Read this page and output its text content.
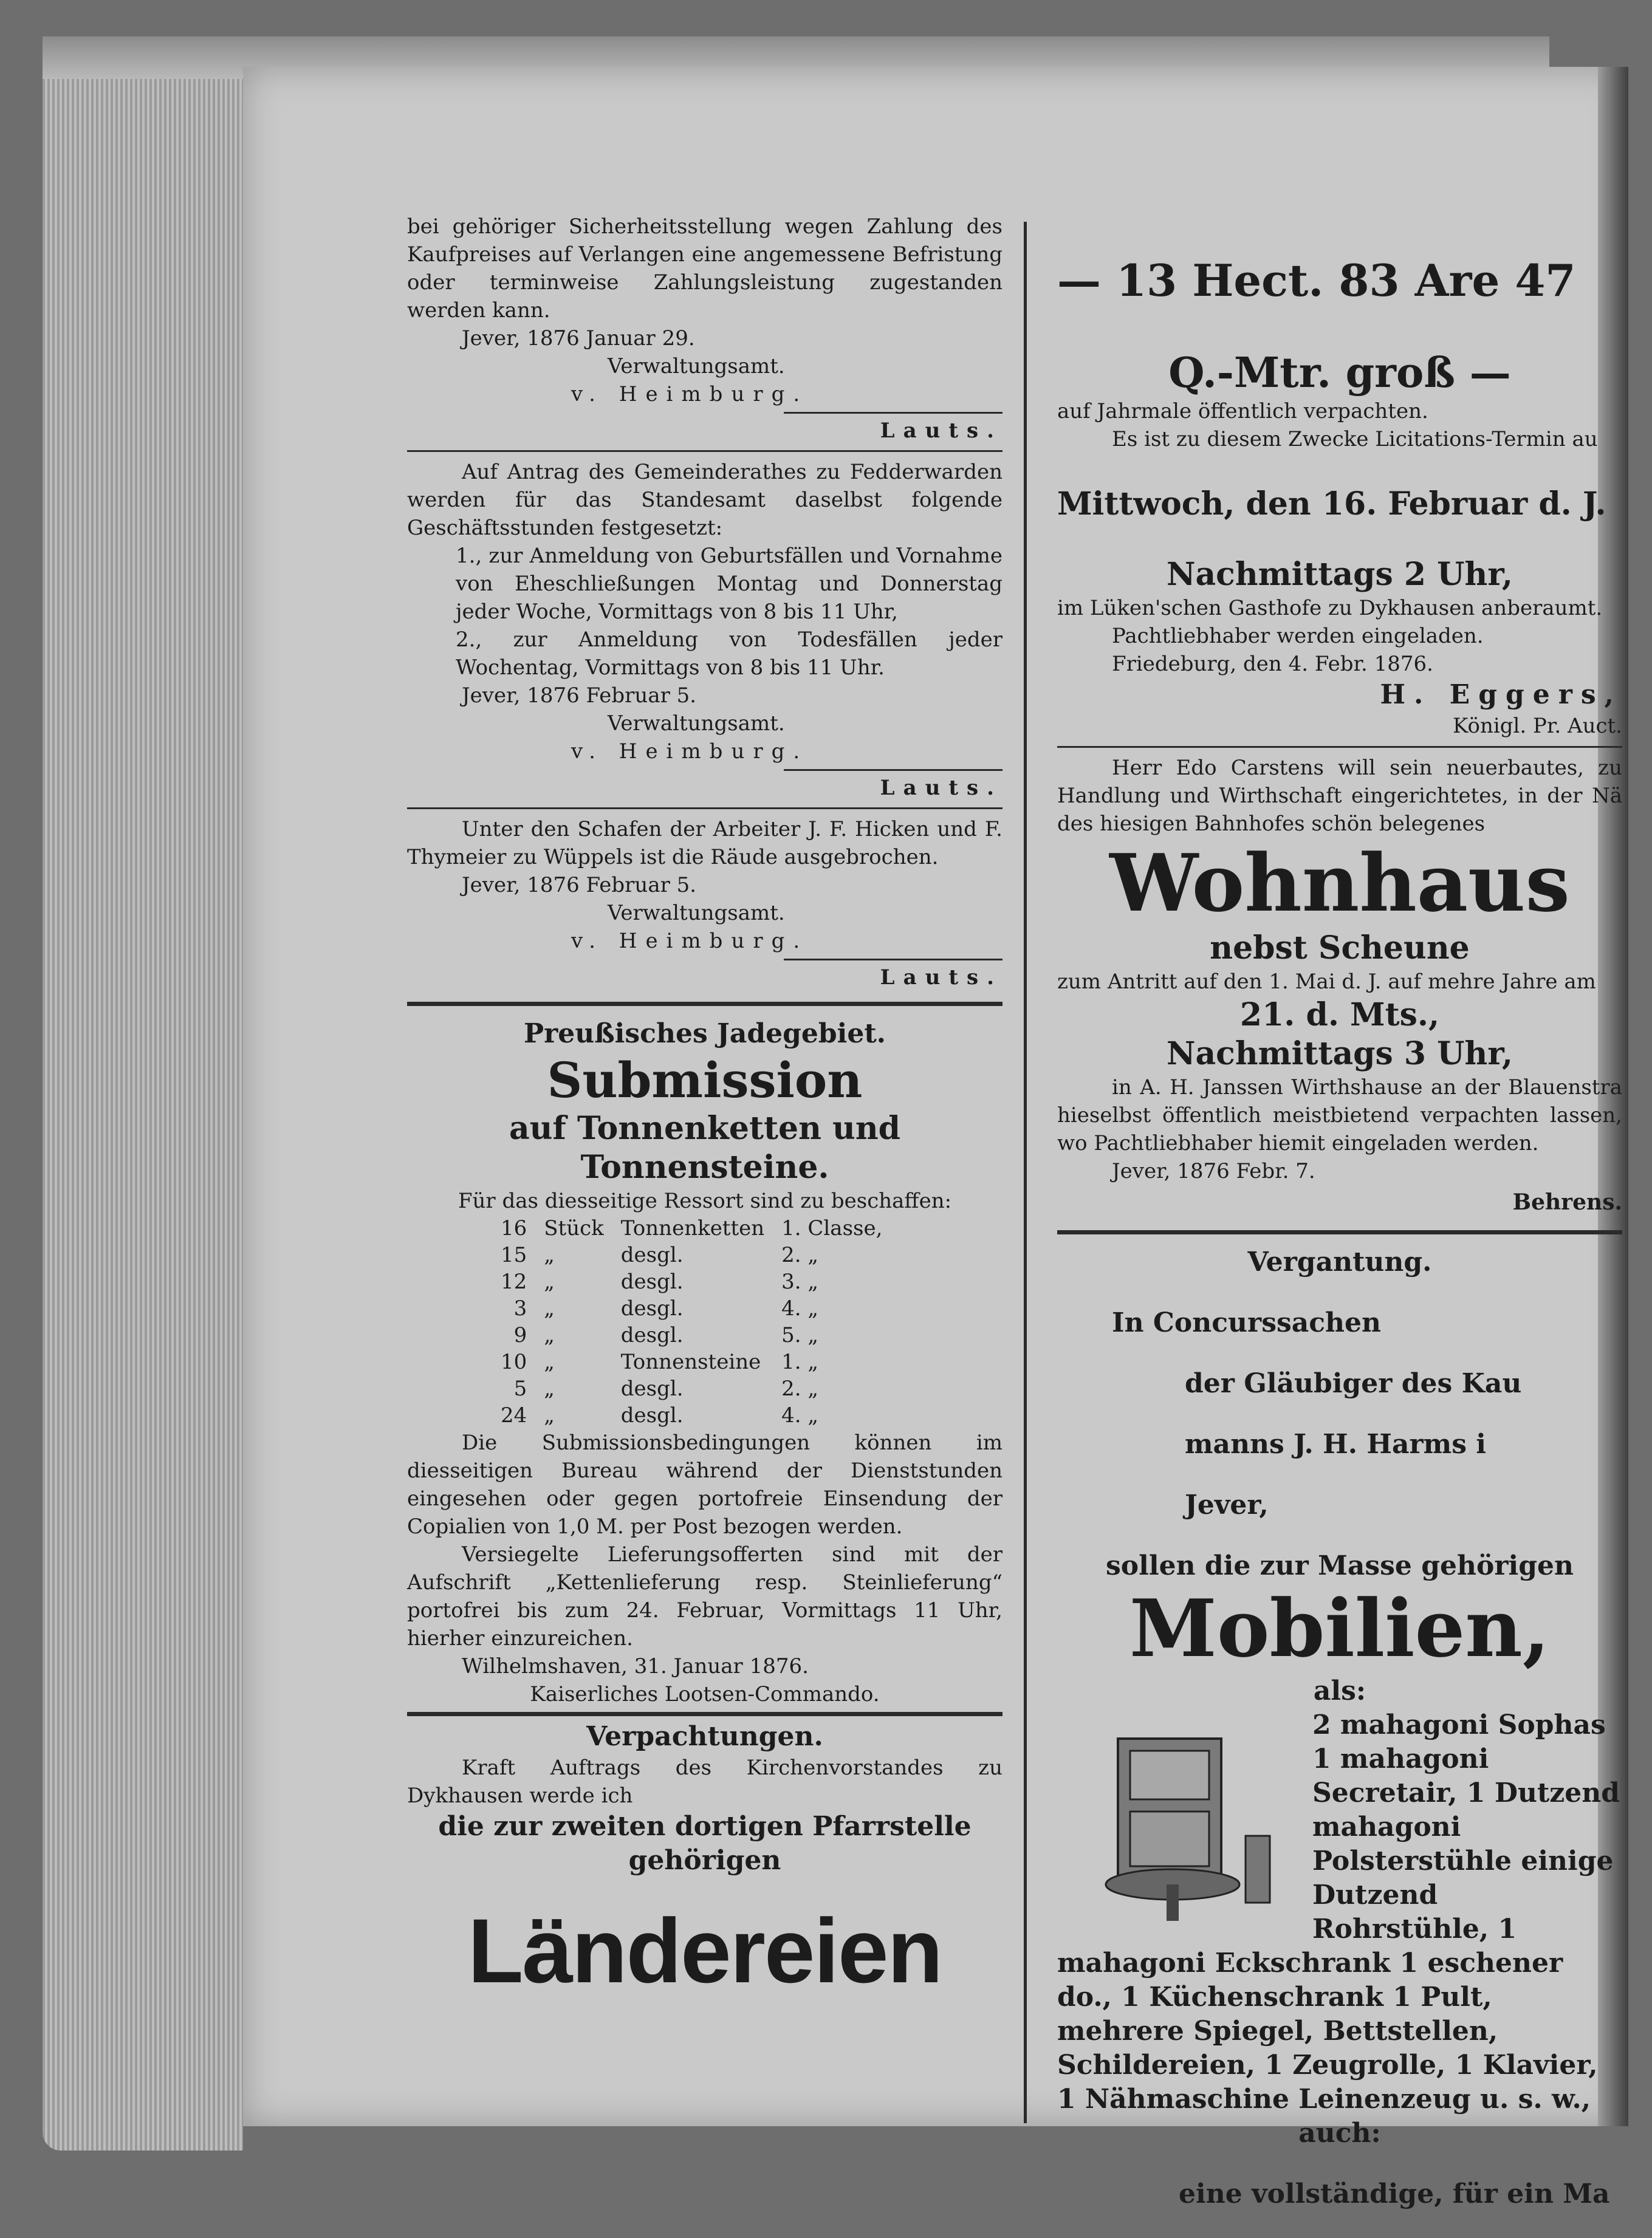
bei gehöriger Sicherheitsstellung wegen Zahlung des Kaufpreises auf Verlangen eine angemessene Befristung oder terminweise Zahlungsleistung zugestanden werden kann.

Jever, 1876 Januar 29.

Verwaltungsamt.

v. Heimburg.

Lauts.

Auf Antrag des Gemeinderathes zu Fedderwarden werden für das Standesamt daselbst folgende Geschäftsstunden festgesetzt:

1., zur Anmeldung von Geburtsfällen und Vornahme von Eheschließungen Montag und Donnerstag jeder Woche, Vormittags von 8 bis 11 Uhr,

2., zur Anmeldung von Todesfällen jeder Wochentag, Vormittags von 8 bis 11 Uhr.

Jever, 1876 Februar 5.

Verwaltungsamt.

v. Heimburg.

Lauts.

Unter den Schafen der Arbeiter J. F. Hicken und F. Thymeier zu Wüppels ist die Räude ausgebrochen.

Jever, 1876 Februar 5.

Verwaltungsamt.

v. Heimburg.

Lauts.

Preußisches Jadegebiet.

Submission

auf Tonnenketten und Tonnensteine.

Für das diesseitige Ressort sind zu beschaffen:

16	Stück	Tonnenketten	1. Classe,
15	„	desgl.	2. „
12	„	desgl.	3. „
3	„	desgl.	4. „
9	„	desgl.	5. „
10	„	Tonnensteine	1. „
5	„	desgl.	2. „
24	„	desgl.	4. „

Die Submissionsbedingungen können im diesseitigen Bureau während der Dienststunden eingesehen oder gegen portofreie Einsendung der Copialien von 1,0 M. per Post bezogen werden.

Versiegelte Lieferungsofferten sind mit der Aufschrift „Kettenlieferung resp. Steinlieferung“ portofrei bis zum 24. Februar, Vormittags 11 Uhr, hierher einzureichen.

Wilhelmshaven, 31. Januar 1876.

Kaiserliches Lootsen-Commando.

Verpachtungen.

Kraft Auftrags des Kirchenvorstandes zu Dykhausen werde ich

die zur zweiten dortigen Pfarrstelle

gehörigen

Ländereien

— 13 Hect. 83 Are 47

Q.-Mtr. groß —

auf Jahrmale öffentlich verpachten.

Es ist zu diesem Zwecke Licitations-Termin au

Mittwoch, den 16. Februar d. J.

Nachmittags 2 Uhr,

im Lüken'schen Gasthofe zu Dykhausen anberaumt.

Pachtliebhaber werden eingeladen.

Friedeburg, den 4. Febr. 1876.

H. Eggers,

Königl. Pr. Auct.

Herr Edo Carstens will sein neuerbautes, zu Handlung und Wirthschaft eingerichtetes, in der Nä des hiesigen Bahnhofes schön belegenes

Wohnhaus

nebst Scheune

zum Antritt auf den 1. Mai d. J. auf mehre Jahre am

21. d. Mts.,

Nachmittags 3 Uhr,

in A. H. Janssen Wirthshause an der Blauenstra hieselbst öffentlich meistbietend verpachten lassen, wo Pachtliebhaber hiemit eingeladen werden.

Jever, 1876 Febr. 7.

Behrens.

Vergantung.

In Concurssachen

der Gläubiger des Kau

manns J. H. Harms i

Jever,

sollen die zur Masse gehörigen

Mobilien,

als:

2 mahagoni Sophas 1 mahagoni Secretair, 1 Dutzend mahagoni Polsterstühle einige Dutzend Rohrstühle, 1 mahagoni Eckschrank 1 eschener do., 1 Küchenschrank 1 Pult, mehrere Spiegel, Bettstellen, Schildereien, 1 Zeugrolle, 1 Klavier, 1 Nähmaschine Leinenzeug u. s. w.,

auch:

eine vollständige, für ein Ma
